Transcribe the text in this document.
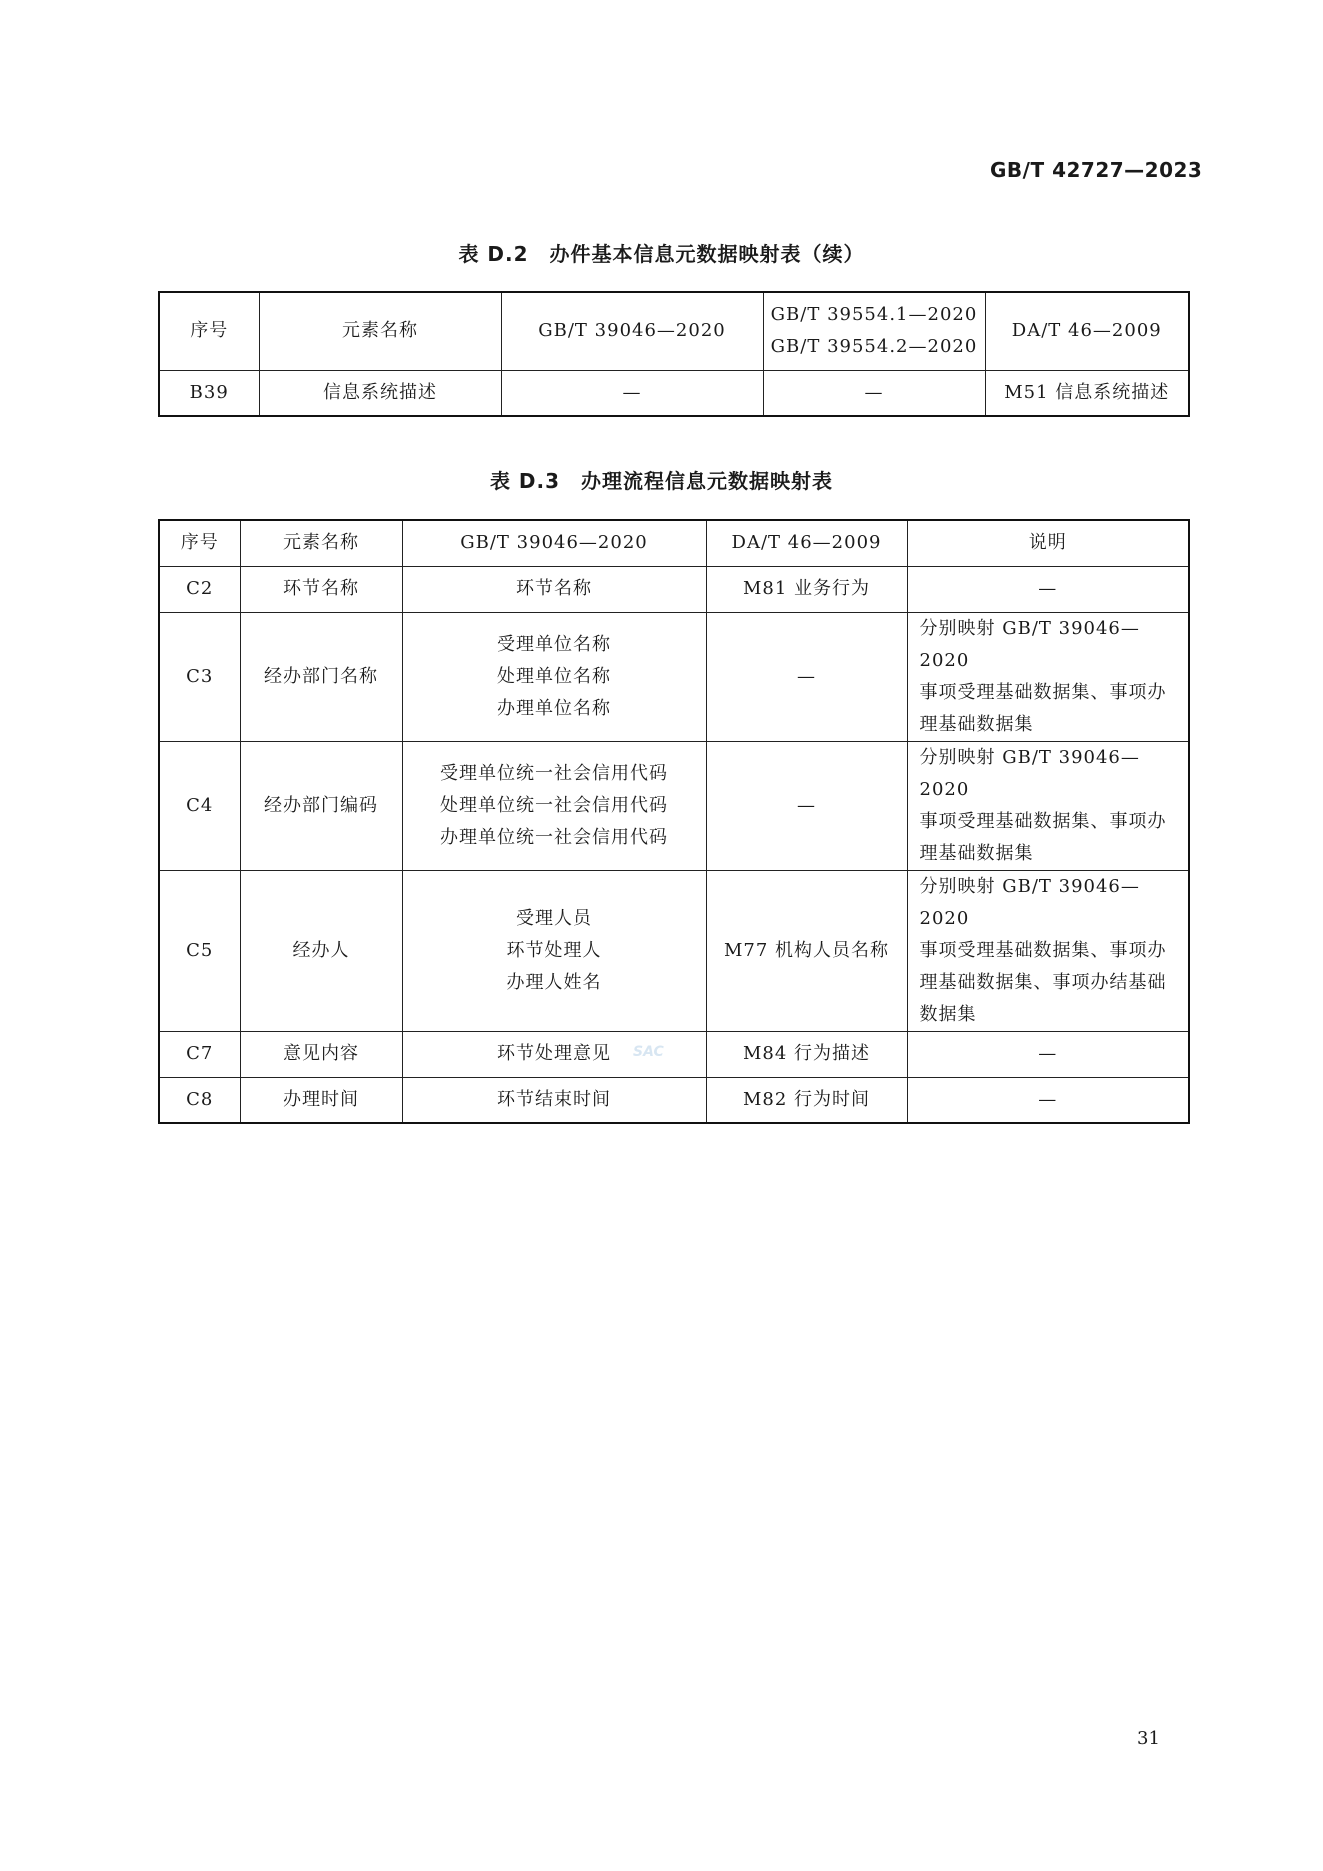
GB/T 42727—2023
表 D.2　办件基本信息元数据映射表（续）
序号	元素名称	GB/T 39046—2020	GB/T 39554.1—2020
GB/T 39554.2—2020	DA/T 46—2009
B39	信息系统描述	—	—	M51 信息系统描述
表 D.3　办理流程信息元数据映射表
序号	元素名称	GB/T 39046—2020	DA/T 46—2009	说明
C2	环节名称	环节名称	M81 业务行为	—

C3	经办部门名称	受理单位名称
处理单位名称
办理单位名称	—	分别映射 GB/T 39046—2020
事项受理基础数据集、事项办
理基础数据集

C4	经办部门编码	受理单位统一社会信用代码
处理单位统一社会信用代码
办理单位统一社会信用代码	—	分别映射 GB/T 39046—2020
事项受理基础数据集、事项办
理基础数据集

C5	经办人	受理人员
环节处理人
办理人姓名	M77 机构人员名称	分别映射 GB/T 39046—2020
事项受理基础数据集、事项办
理基础数据集、事项办结基础
数据集

C7	意见内容	环节处理意见	M84 行为描述	—

C8	办理时间	环节结束时间	M82 行为时间	—
SAC
31
